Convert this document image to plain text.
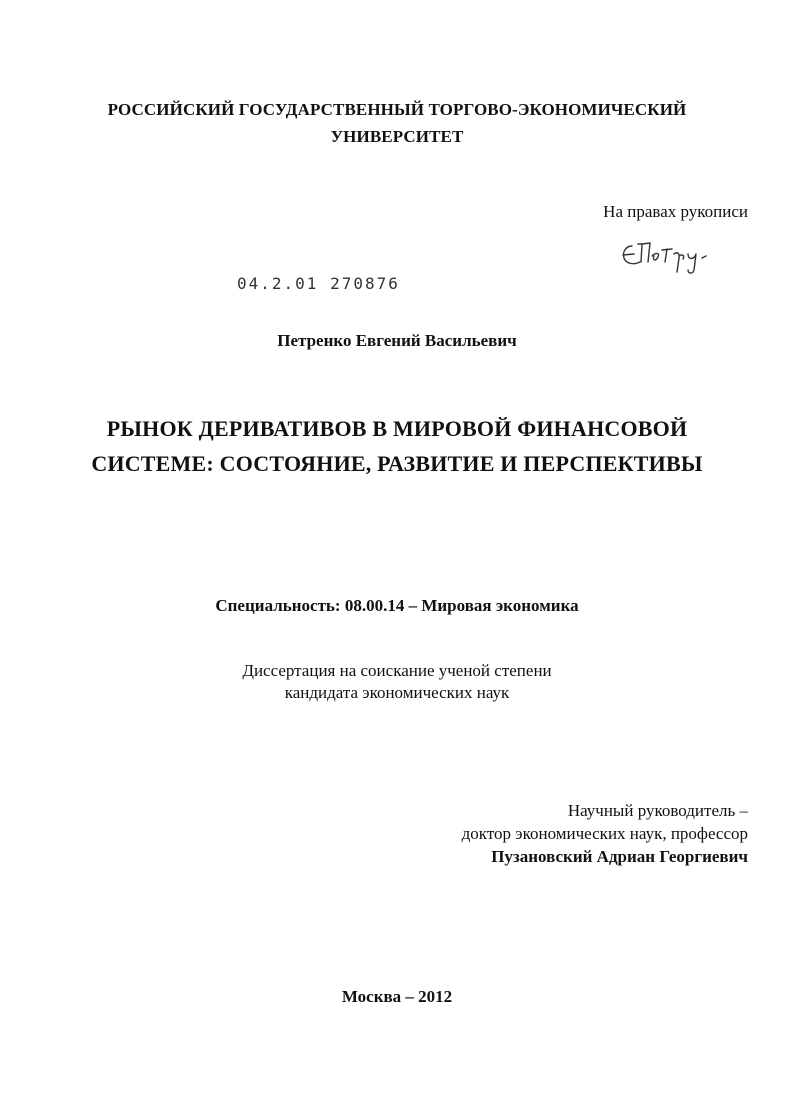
РОССИЙСКИЙ ГОСУДАРСТВЕННЫЙ ТОРГОВО-ЭКОНОМИЧЕСКИЙ
УНИВЕРСИТЕТ
На правах рукописи
04.2.01 270876
Петренко Евгений Васильевич
РЫНОК ДЕРИВАТИВОВ В МИРОВОЙ ФИНАНСОВОЙ
СИСТЕМЕ: СОСТОЯНИЕ, РАЗВИТИЕ И ПЕРСПЕКТИВЫ
Специальность: 08.00.14 – Мировая экономика
Диссертация на соискание ученой степени
кандидата экономических наук
Научный руководитель –
доктор экономических наук, профессор
Пузановский Адриан Георгиевич
Москва – 2012
